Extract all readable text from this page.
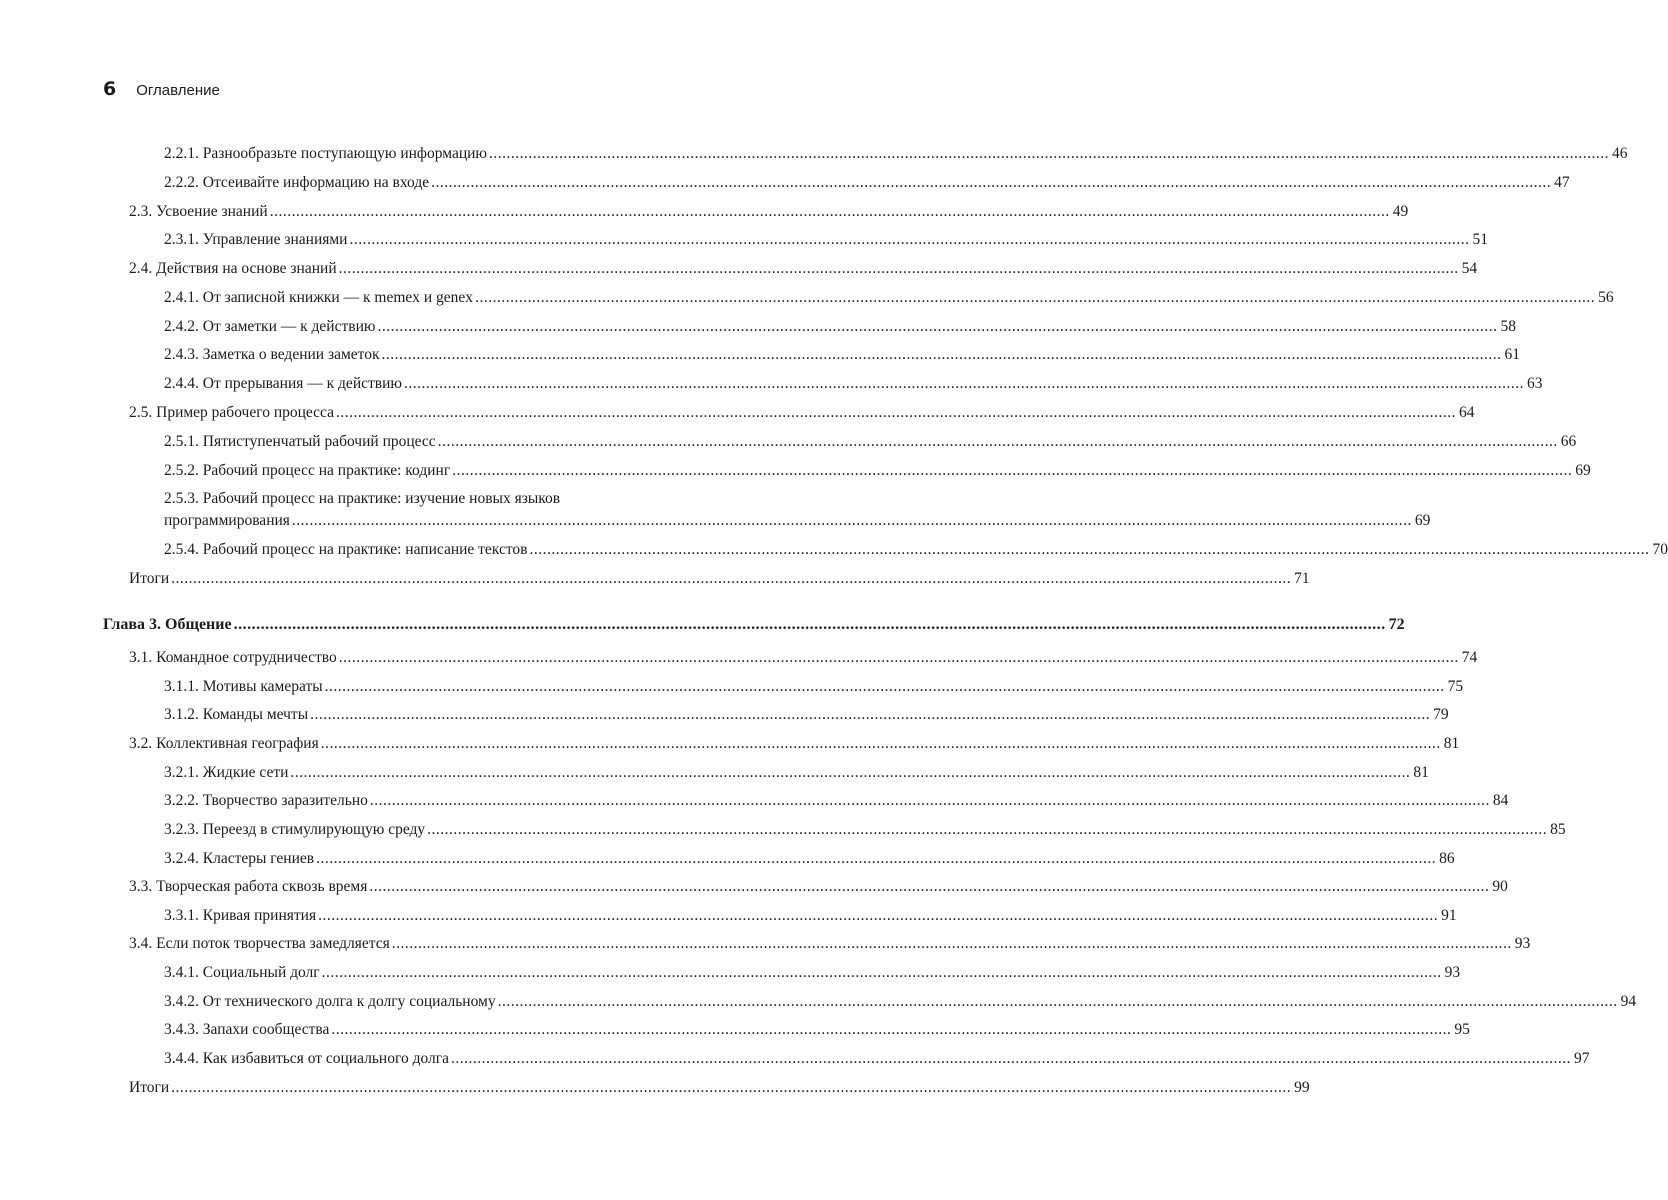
6 Оглавление
2.2.1. Разнообразьте поступающую информацию .....	46
2.2.2. Отсеивайте информацию на входе .....	47
2.3. Усвоение знаний .....	49
2.3.1. Управление знаниями .....	51
2.4. Действия на основе знаний .....	54
2.4.1. От записной книжки — к memex и genex .....	56
2.4.2. От заметки — к действию .....	58
2.4.3. Заметка о ведении заметок .....	61
2.4.4. От прерывания — к действию .....	63
2.5. Пример рабочего процесса .....	64
2.5.1. Пятиступенчатый рабочий процесс .....	66
2.5.2. Рабочий процесс на практике: кодинг .....	69
2.5.3. Рабочий процесс на практике: изучение новых языков
программирования .....	69
2.5.4. Рабочий процесс на практике: написание текстов .....	70
Итоги .....	71
Глава 3. Общение .....	72
3.1. Командное сотрудничество .....	74
3.1.1. Мотивы камераты .....	75
3.1.2. Команды мечты .....	79
3.2. Коллективная география .....	81
3.2.1. Жидкие сети .....	81
3.2.2. Творчество заразительно .....	84
3.2.3. Переезд в стимулирующую среду .....	85
3.2.4. Кластеры гениев .....	86
3.3. Творческая работа сквозь время .....	90
3.3.1. Кривая принятия .....	91
3.4. Если поток творчества замедляется .....	93
3.4.1. Социальный долг .....	93
3.4.2. От технического долга к долгу социальному .....	94
3.4.3. Запахи сообщества .....	95
3.4.4. Как избавиться от социального долга .....	97
Итоги .....	99
